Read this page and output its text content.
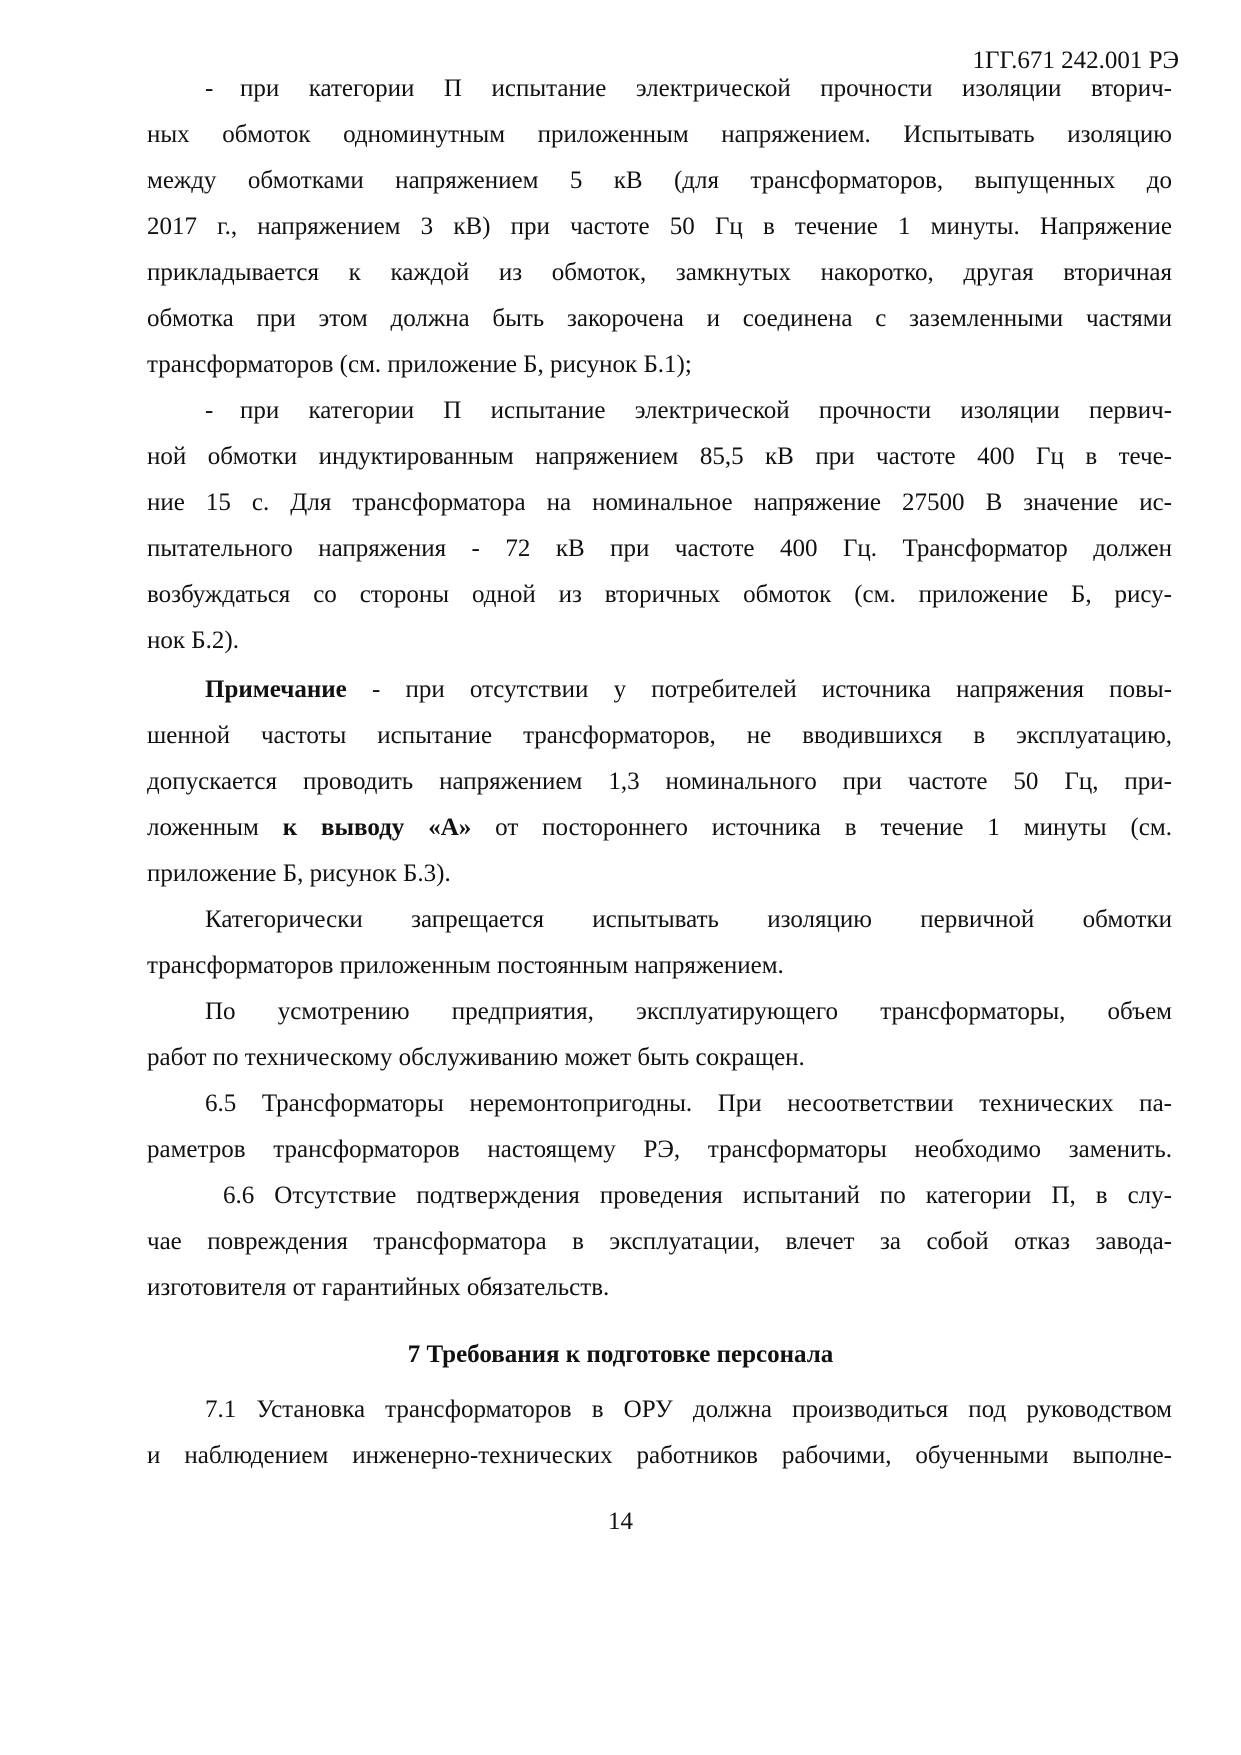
1ГГ.671 242.001 РЭ
- при категории П испытание электрической прочности изоляции вторич-
ных обмоток одноминутным приложенным напряжением. Испытывать изоляцию
между обмотками напряжением 5 кВ (для трансформаторов, выпущенных до
2017 г., напряжением 3 кВ) при частоте 50 Гц в течение 1 минуты. Напряжение
прикладывается к каждой из обмоток, замкнутых накоротко, другая вторичная
обмотка при этом должна быть закорочена и соединена с заземленными частями
трансформаторов (см. приложение Б, рисунок Б.1);
- при категории П испытание электрической прочности изоляции первич-
ной обмотки индуктированным напряжением 85,5 кВ при частоте 400 Гц в тече-
ние 15 с. Для трансформатора на номинальное напряжение 27500 В значение ис-
пытательного напряжения - 72 кВ при частоте 400 Гц. Трансформатор должен
возбуждаться со стороны одной из вторичных обмоток (см. приложение Б, рису-
нок Б.2).
Примечание - при отсутствии у потребителей источника напряжения повы-
шенной частоты испытание трансформаторов, не вводившихся в эксплуатацию,
допускается проводить напряжением 1,3 номинального при частоте 50 Гц, при-
ложенным к выводу «А» от постороннего источника в течение 1 минуты (см.
приложение Б, рисунок Б.3).
Категорически запрещается испытывать изоляцию первичной обмотки
трансформаторов приложенным постоянным напряжением.
По усмотрению предприятия, эксплуатирующего трансформаторы, объем
работ по техническому обслуживанию может быть сокращен.
6.5 Трансформаторы неремонтопригодны. При несоответствии технических па-
раметров трансформаторов настоящему РЭ, трансформаторы необходимо заменить.
6.6 Отсутствие подтверждения проведения испытаний по категории П, в слу-
чае повреждения трансформатора в эксплуатации, влечет за собой отказ завода-
изготовителя от гарантийных обязательств.
7 Требования к подготовке персонала
7.1 Установка трансформаторов в ОРУ должна производиться под руководством
и наблюдением инженерно-технических работников рабочими, обученными выполне-
14
